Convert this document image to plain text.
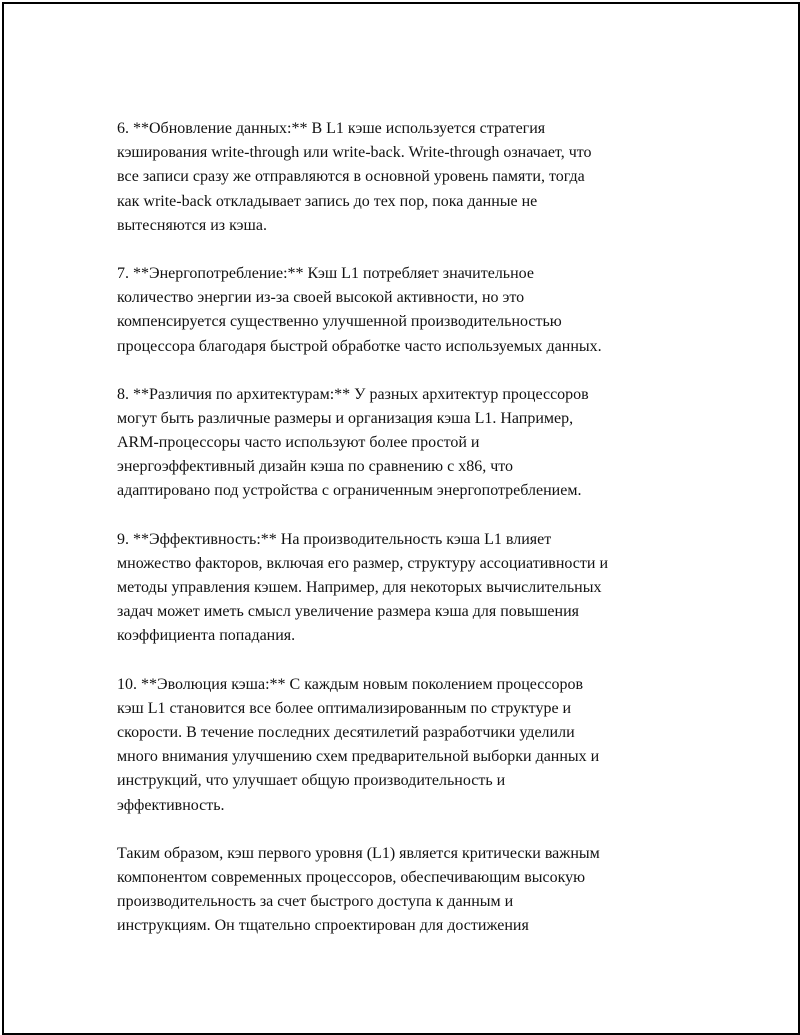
6. **Обновление данных:** В L1 кэше используется стратегия
кэширования write-through или write-back. Write-through означает, что
все записи сразу же отправляются в основной уровень памяти, тогда
как write-back откладывает запись до тех пор, пока данные не
вытесняются из кэша.
7. **Энергопотребление:** Кэш L1 потребляет значительное
количество энергии из-за своей высокой активности, но это
компенсируется существенно улучшенной производительностью
процессора благодаря быстрой обработке часто используемых данных.
8. **Различия по архитектурам:** У разных архитектур процессоров
могут быть различные размеры и организация кэша L1. Например,
ARM-процессоры часто используют более простой и
энергоэффективный дизайн кэша по сравнению с x86, что
адаптировано под устройства с ограниченным энергопотреблением.
9. **Эффективность:** На производительность кэша L1 влияет
множество факторов, включая его размер, структуру ассоциативности и
методы управления кэшем. Например, для некоторых вычислительных
задач может иметь смысл увеличение размера кэша для повышения
коэффициента попадания.
10. **Эволюция кэша:** С каждым новым поколением процессоров
кэш L1 становится все более оптимализированным по структуре и
скорости. В течение последних десятилетий разработчики уделили
много внимания улучшению схем предварительной выборки данных и
инструкций, что улучшает общую производительность и
эффективность.
Таким образом, кэш первого уровня (L1) является критически важным
компонентом современных процессоров, обеспечивающим высокую
производительность за счет быстрого доступа к данным и
инструкциям. Он тщательно спроектирован для достижения
